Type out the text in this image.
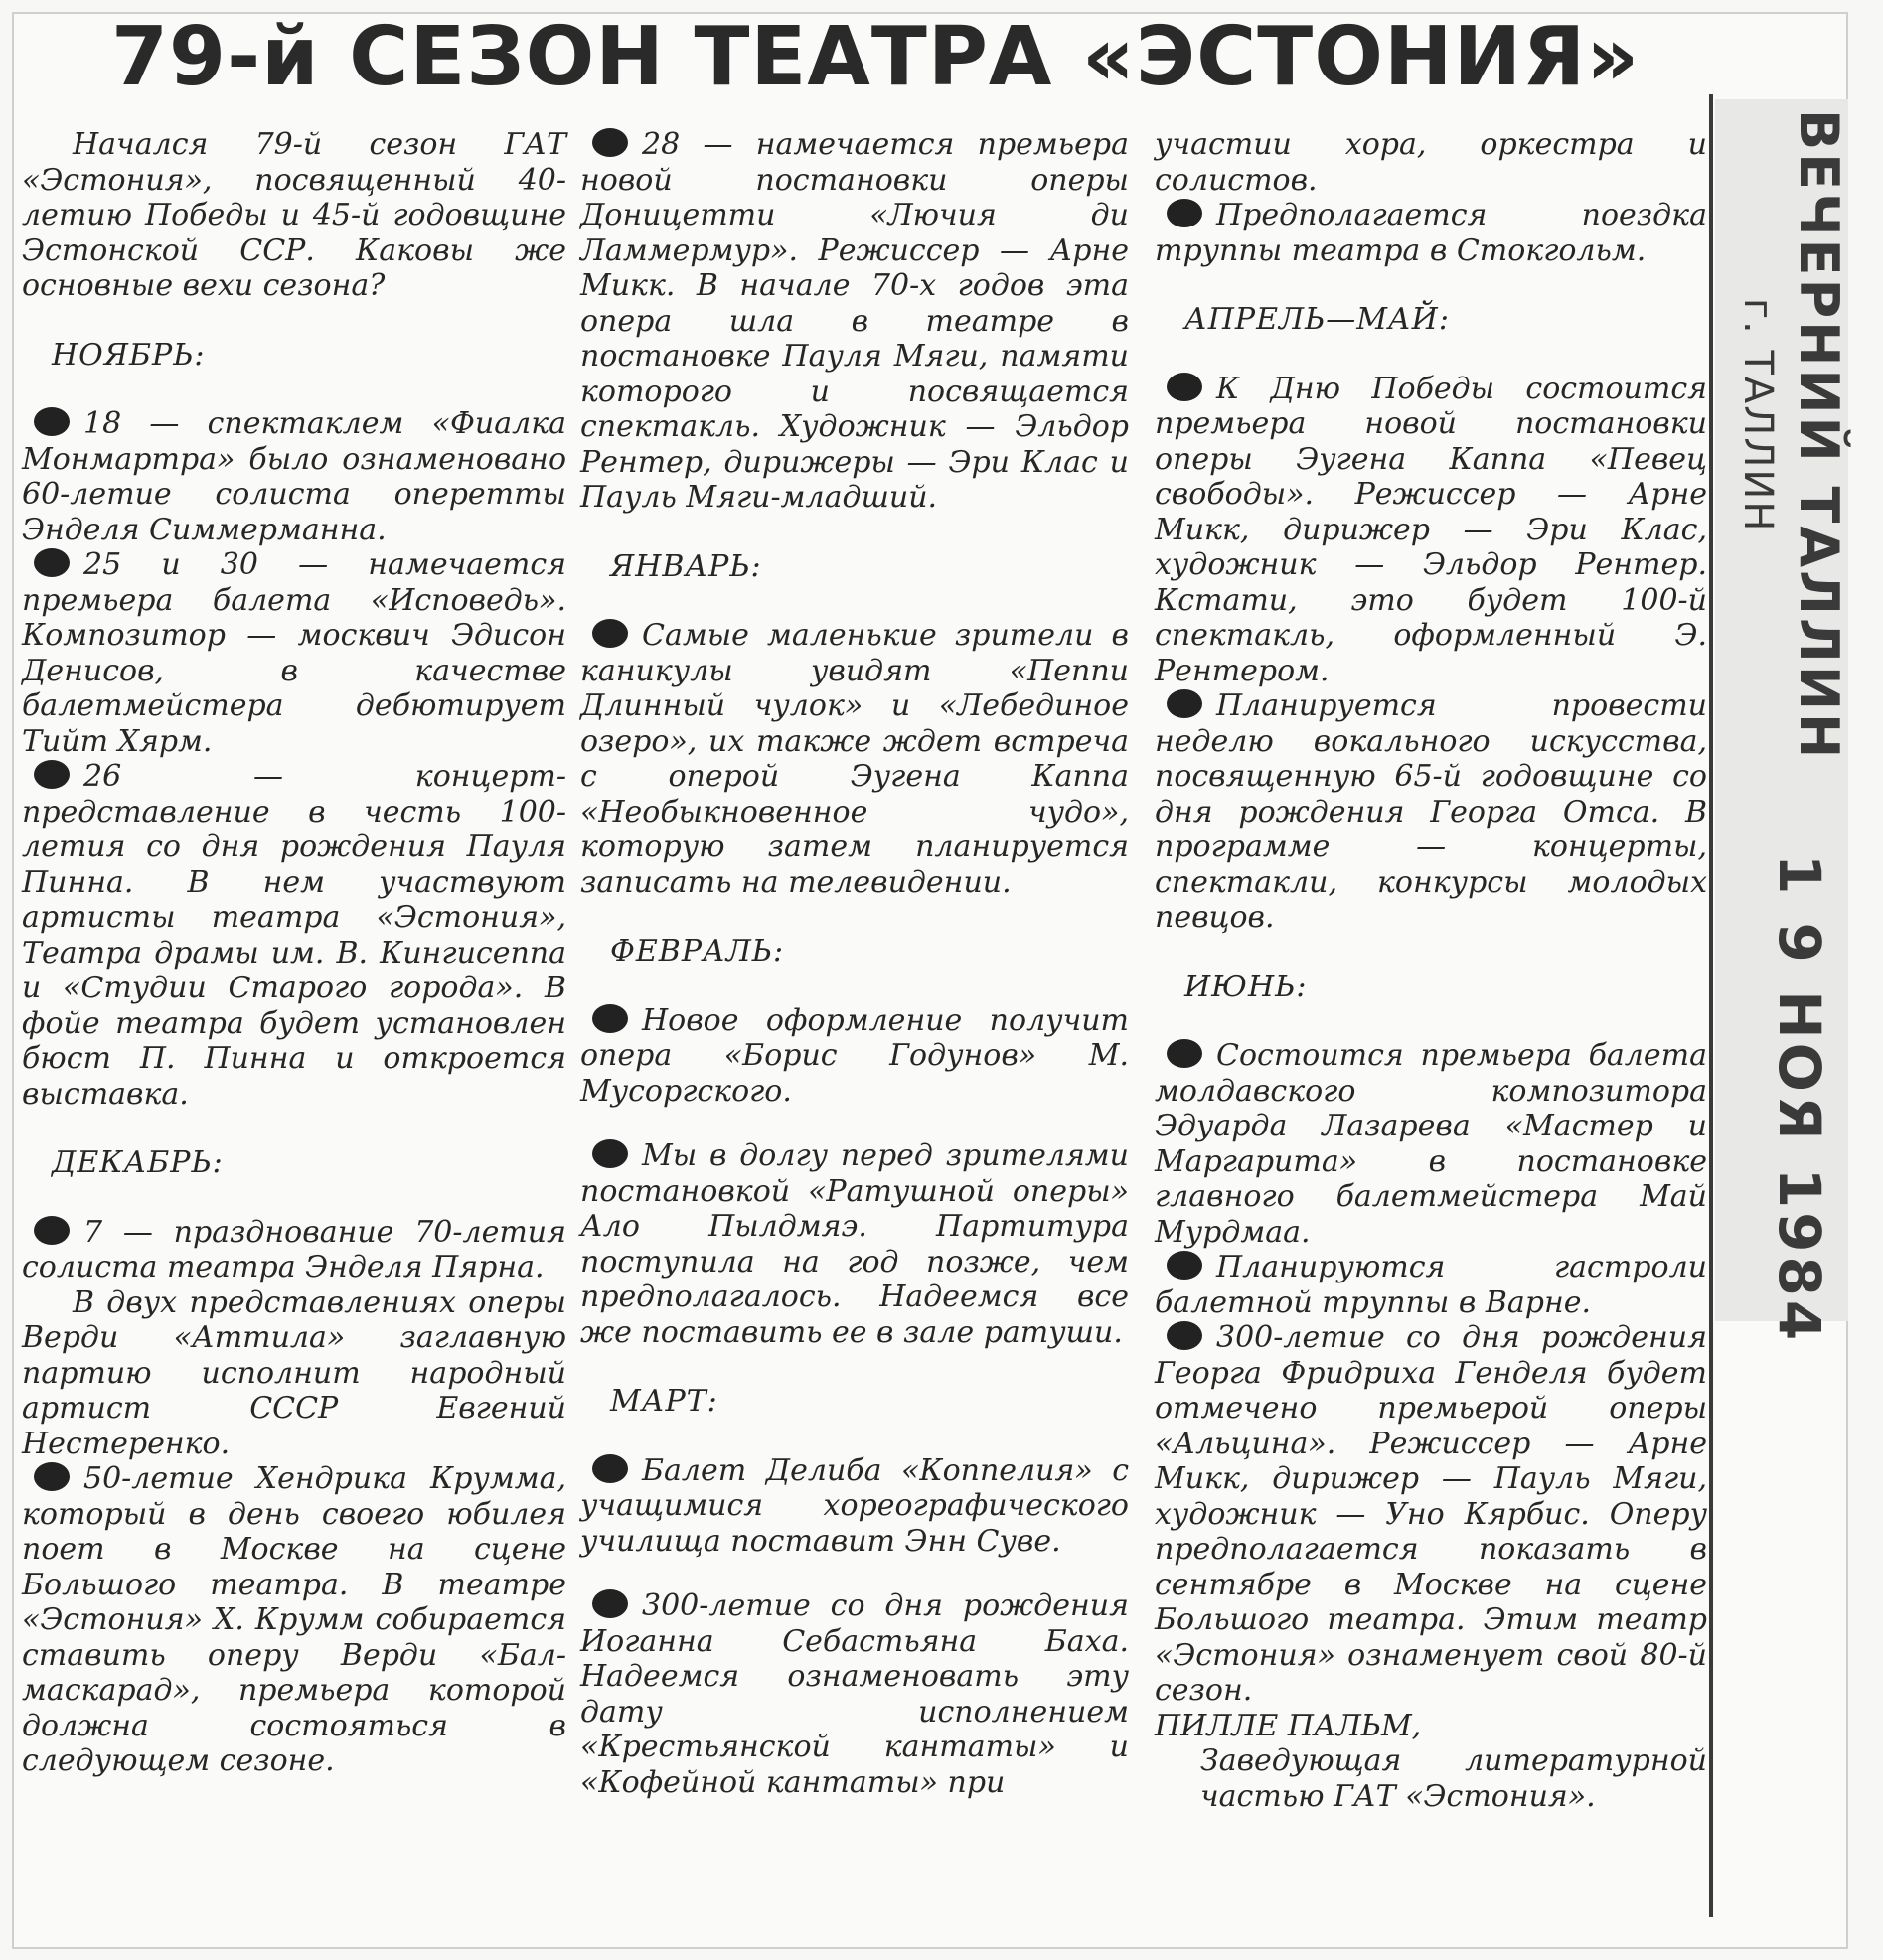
79-й СЕЗОН ТЕАТРА «ЭСТОНИЯ»

Начался 79-й сезон ГАТ «Эстония», посвященный 40-летию Победы и 45-й годовщине Эстонской ССР. Каковы же основные вехи сезона?

НОЯБРЬ:

18 — спектаклем «Фиалка Монмартра» было ознаменовано 60-летие солиста оперетты Энделя Симмерманна.

25 и 30 — намечается премьера балета «Исповедь». Композитор — москвич Эдисон Денисов, в качестве балетмейстера дебютирует Тийт Хярм.

26 — концерт-представление в честь 100-летия со дня рождения Пауля Пинна. В нем участвуют артисты театра «Эстония», Театра драмы им. В. Кингисеппа и «Студии Старого города». В фойе театра будет установлен бюст П. Пинна и откроется выставка.

ДЕКАБРЬ:

7 — празднование 70-летия солиста театра Энделя Пярна.

В двух представлениях оперы Верди «Аттила» заглавную партию исполнит народный артист СССР Евгений Нестеренко.

50-летие Хендрика Крумма, который в день своего юбилея поет в Москве на сцене Большого театра. В театре «Эстония» Х. Крумм собирается ставить оперу Верди «Бал-маскарад», премьера которой должна состояться в следующем сезоне.

28 — намечается премьера новой постановки оперы Доницетти «Лючия ди Ламмермур». Режиссер — Арне Микк. В начале 70-х годов эта опера шла в театре в постановке Пауля Мяги, памяти которого и посвящается спектакль. Художник — Эльдор Рентер, дирижеры — Эри Клас и Пауль Мяги-младший.

ЯНВАРЬ:

Самые маленькие зрители в каникулы увидят «Пеппи Длинный чулок» и «Лебединое озеро», их также ждет встреча с оперой Эугена Каппа «Необыкновенное чудо», которую затем планируется записать на телевидении.

ФЕВРАЛЬ:

Новое оформление получит опера «Борис Годунов» М. Мусоргского.

Мы в долгу перед зрителями постановкой «Ратушной оперы» Ало Пылдмяэ. Партитура поступила на год позже, чем предполагалось. Надеемся все же поставить ее в зале ратуши.

МАРТ:

Балет Делиба «Коппелия» с учащимися хореографического училища поставит Энн Суве.

300-летие со дня рождения Иоганна Себастьяна Баха. Надеемся ознаменовать эту дату исполнением «Крестьянской кантаты» и «Кофейной кантаты» при

участии хора, оркестра и солистов.

Предполагается поездка труппы театра в Стокгольм.

АПРЕЛЬ—МАЙ:

К Дню Победы состоится премьера новой постановки оперы Эугена Каппа «Певец свободы». Режиссер — Арне Микк, дирижер — Эри Клас, художник — Эльдор Рентер. Кстати, это будет 100-й спектакль, оформленный Э. Рентером.

Планируется провести неделю вокального искусства, посвященную 65-й годовщине со дня рождения Георга Отса. В программе — концерты, спектакли, конкурсы молодых певцов.

ИЮНЬ:

Состоится премьера балета молдавского композитора Эдуарда Лазарева «Мастер и Маргарита» в постановке главного балетмейстера Май Мурдмаа.

Планируются гастроли балетной труппы в Варне.

300-летие со дня рождения Георга Фридриха Генделя будет отмечено премьерой оперы «Альцина». Режиссер — Арне Микк, дирижер — Пауль Мяги, художник — Уно Кярбис. Оперу предполагается показать в сентябре в Москве на сцене Большого театра. Этим театр «Эстония» ознаменует свой 80-й сезон.

ПИЛЛЕ ПАЛЬМ,

Заведующая литературной частью ГАТ «Эстония».

ВЕЧЕРНИЙ ТАЛЛИН
г. ТАЛЛИН
1 9 НОЯ 1984
